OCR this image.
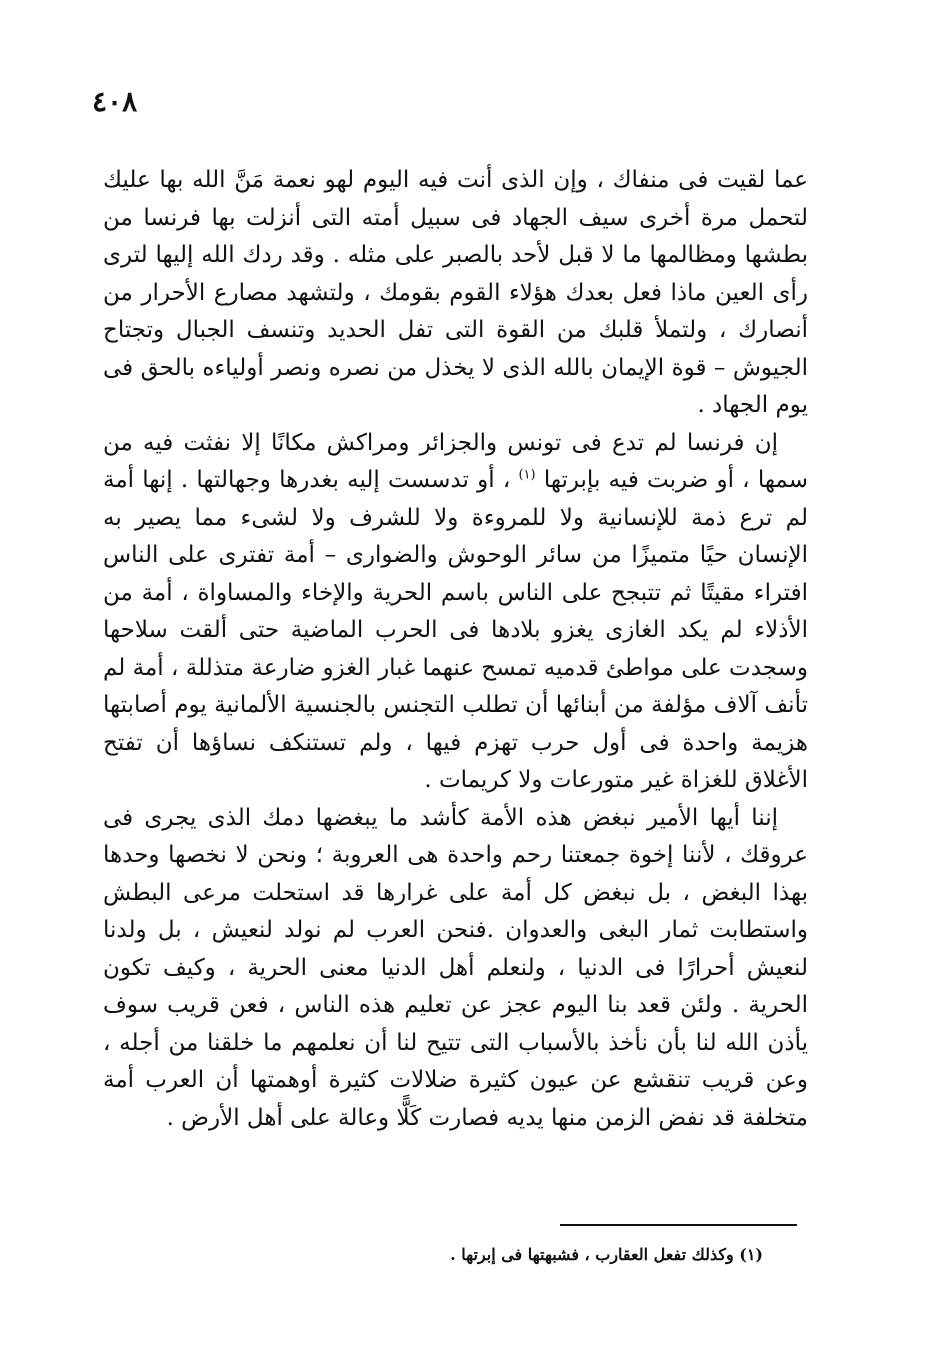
٤٠٨

عما لقيت فى منفاك ، وإن الذى أنت فيه اليوم لهو نعمة مَنَّ الله بها عليك لتحمل مرة أخرى سيف الجهاد فى سبيل أمته التى أنزلت بها فرنسا من بطشها ومظالمها ما لا قبل لأحد بالصبر على مثله . وقد ردك الله إليها لترى رأى العين ماذا فعل بعدك هؤلاء القوم بقومك ، ولتشهد مصارع الأحرار من أنصارك ، ولتملأ قلبك من القوة التى تفل الحديد وتنسف الجبال وتجتاح الجيوش – قوة الإيمان بالله الذى لا يخذل من نصره ونصر أولياءه بالحق فى يوم الجهاد .

إن فرنسا لم تدع فى تونس والجزائر ومراكش مكانًا إلا نفثت فيه من سمها ، أو ضربت فيه بإبرتها $^{(١)}$ ، أو تدسست إليه بغدرها وجهالتها . إنها أمة لم ترع ذمة للإنسانية ولا للمروءة ولا للشرف ولا لشىء مما يصير به الإنسان حيًا متميزًا من سائر الوحوش والضوارى – أمة تفترى على الناس افتراء مقيتًا ثم تتبجح على الناس باسم الحرية والإخاء والمساواة ، أمة من الأذلاء لم يكد الغازى يغزو بلادها فى الحرب الماضية حتى ألقت سلاحها وسجدت على مواطئ قدميه تمسح عنهما غبار الغزو ضارعة متذللة ، أمة لم تأنف آلاف مؤلفة من أبنائها أن تطلب التجنس بالجنسية الألمانية يوم أصابتها هزيمة واحدة فى أول حرب تهزم فيها ، ولم تستنكف نساؤها أن تفتح الأغلاق للغزاة غير متورعات ولا كريمات .

إننا أيها الأمير نبغض هذه الأمة كأشد ما يبغضها دمك الذى يجرى فى عروقك ، لأننا إخوة جمعتنا رحم واحدة هى العروبة ؛ ونحن لا نخصها وحدها بهذا البغض ، بل نبغض كل أمة على غرارها قد استحلت مرعى البطش واستطابت ثمار البغى والعدوان .فنحن العرب لم نولد لنعيش ، بل ولدنا لنعيش أحرارًا فى الدنيا ، ولنعلم أهل الدنيا معنى الحرية ، وكيف تكون الحرية . ولئن قعد بنا اليوم عجز عن تعليم هذه الناس ، فعن قريب سوف يأذن الله لنا بأن نأخذ بالأسباب التى تتيح لنا أن نعلمهم ما خلقنا من أجله ، وعن قريب تنقشع عن عيون كثيرة ضلالات كثيرة أوهمتها أن العرب أمة متخلفة قد نفض الزمن منها يديه فصارت كَلًّا وعالة على أهل الأرض .

(١) وكذلك تفعل العقارب ، فشبهتها فى إبرتها .
